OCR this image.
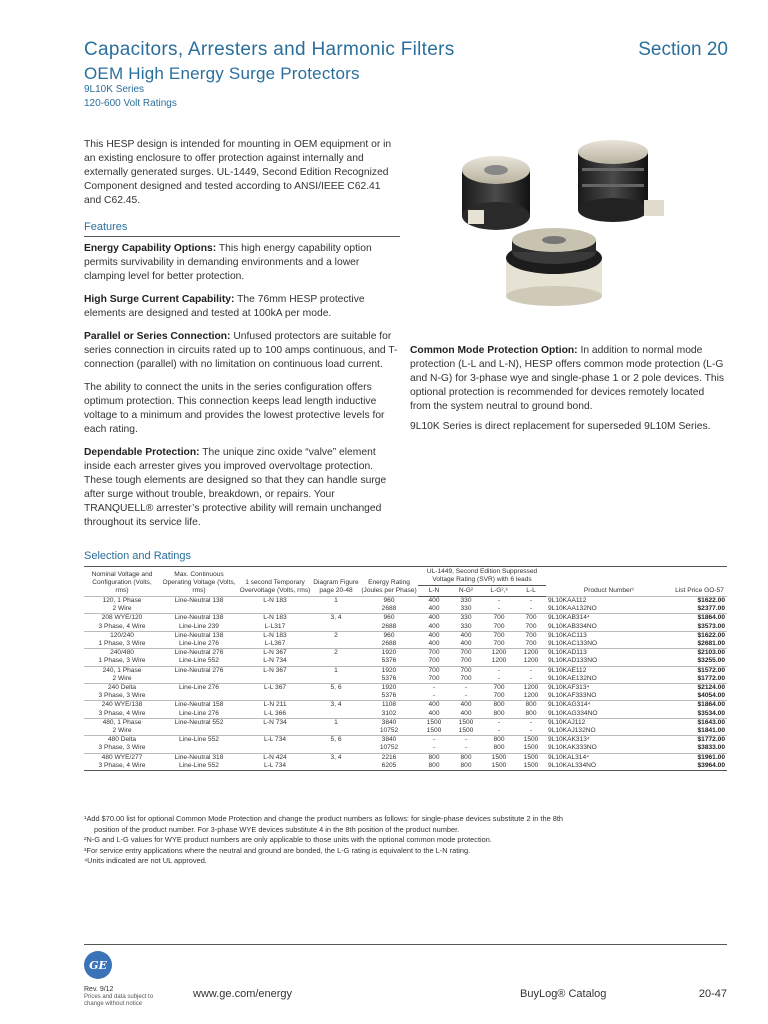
Capacitors, Arresters and Harmonic Filters	Section 20
OEM High Energy Surge Protectors
9L10K Series
120-600 Volt Ratings

This HESP design is intended for mounting in OEM equipment or in an existing enclosure to offer protection against internally and externally generated surges. UL-1449, Second Edition Recognized Component designed and tested according to ANSI/IEEE C62.41 and C62.45.

Features

Energy Capability Options: This high energy capability option permits survivability in demanding environments and a lower clamping level for better protection.

High Surge Current Capability: The 76mm HESP protective elements are designed and tested at 100kA per mode.

Parallel or Series Connection: Unfused protectors are suitable for series connection in circuits rated up to 100 amps continuous, and T-connection (parallel) with no limitation on continuous load current.

The ability to connect the units in the series configuration offers optimum protection. This connection keeps lead length inductive voltage to a minimum and provides the lowest protective levels for each rating.

Dependable Protection: The unique zinc oxide “valve” element inside each arrester gives you improved overvoltage protection. These tough elements are designed so that they can handle surge after surge without trouble, breakdown, or repairs. Your TRANQUELL® arrester’s protective ability will remain unchanged throughout its service life.

Common Mode Protection Option: In addition to normal mode protection (L-L and L-N), HESP offers common mode protection (L-G and N-G) for 3-phase wye and single-phase 1 or 2 pole devices. This optional protection is recommended for devices remotely located from the system neutral to ground bond.

9L10K Series is direct replacement for superseded 9L10M Series.

Selection and Ratings
Nominal Voltage and Configuration (Volts, rms)	Max. Continuous Operating Voltage (Volts, rms)	1 second Temporary Overvoltage (Volts, rms)	Diagram Figure page 20-48	Energy Rating (Joules per Phase)	UL-1449, Second Edition Suppressed Voltage Rating (SVR) with 6 leads				Product Number¹	List Price GO-57
					L-N	N-G²	L-G²,³	L-L		
120, 1 Phase	Line-Neutral 138	L-N 183	1	960	400	330	-	-	9L10KAA112	$1622.00
2 Wire				2688	400	330	-	-	9L10KAA132NO	$2377.00
208 WYE/120	Line-Neutral 138	L-N 183	3, 4	960	400	330	700	700	9L10KAB314⁴	$1864.00
3 Phase, 4 Wire	Line-Line 239	L-L317		2688	400	330	700	700	9L10KAB334NO	$3573.00
120/240	Line-Neutral 138	L-N 183	2	960	400	400	700	700	9L10KAC113	$1622.00
1 Phase, 3 Wire	Line-Line 276	L-L367		2688	400	400	700	700	9L10KAC133NO	$2681.00
240/480	Line-Neutral 276	L-N 367	2	1920	700	700	1200	1200	9L10KAD113	$2103.00
1 Phase, 3 Wire	Line-Line 552	L-N 734		5376	700	700	1200	1200	9L10KAD133NO	$3255.00
240, 1 Phase	Line-Neutral 276	L-N 367	1	1920	700	700	-	-	9L10KAE112	$1572.00
2 Wire				5376	700	700	-	-	9L10KAE132NO	$1772.00
240 Delta	Line-Line 276	L-L 367	5, 6	1920	-	-	700	1200	9L10KAF313⁴	$2124.00
3 Phase, 3 Wire				5376	-	-	700	1200	9L10KAF333NO	$4054.00
240 WYE/138	Line-Neutral 158	L-N 211	3, 4	1108	400	400	800	800	9L10KAG314⁴	$1864.00
3 Phase, 4 Wire	Line-Line 276	L-L 366		3102	400	400	800	800	9L10KAG334NO	$3534.00
480, 1 Phase	Line-Neutral 552	L-N 734	1	3840	1500	1500	-	-	9L10KAJ112	$1643.00
2 Wire				10752	1500	1500	-	-	9L10KAJ132NO	$1841.00
480 Delta	Line-Line 552	L-L 734	5, 6	3840	-	-	800	1500	9L10KAK313⁴	$1772.00
3 Phase, 3 Wire				10752	-	-	800	1500	9L10KAK333NO	$3833.00
480 WYE/277	Line-Neutral 318	L-N 424	3, 4	2216	800	800	1500	1500	9L10KAL314⁴	$1961.00
3 Phase, 4 Wire	Line-Line 552	L-L 734		6205	800	800	1500	1500	9L10KAL334NO	$3964.00
¹Add $70.00 list for optional Common Mode Protection and change the product numbers as follows: for single-phase devices substitute 2 in the 8th
position of the product number. For 3-phase WYE devices substitute 4 in the 8th position of the product number.
²N-G and L-G values for WYE product numbers are only applicable to those units with the optional common mode protection.
³For service entry applications where the neutral and ground are bonded, the L-G rating is equivalent to the L-N rating.
⁴Units indicated are not UL approved.
GE
Rev. 9/12
Prices and data subject to change without notice
www.ge.com/energy	BuyLog® Catalog	20-47
